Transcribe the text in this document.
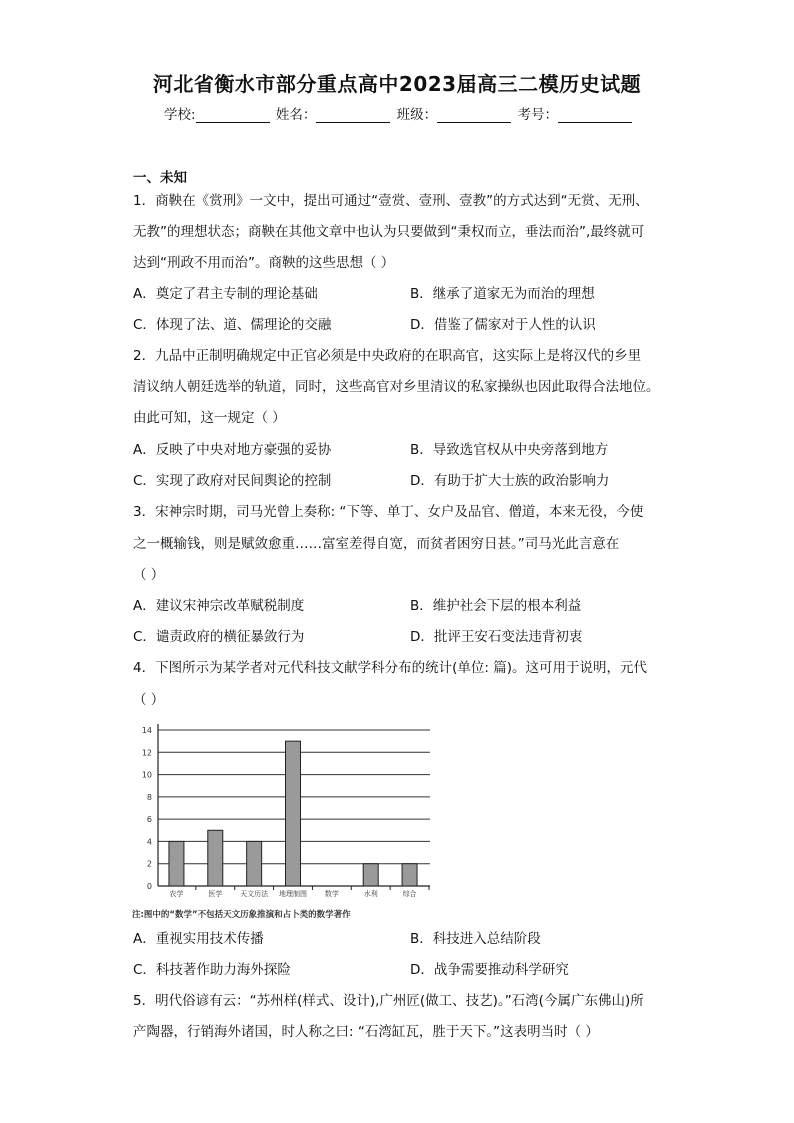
河北省衡水市部分重点高中2023届高三二模历史试题
学校:	姓名：	班级：	考号：
一、未知
1．商鞅在《赏刑》一文中，提出可通过“壹赏、壹刑、壹教”的方式达到“无赏、无刑、
无教”的理想状态；商鞅在其他文章中也认为只要做到“秉权而立，垂法而治”,最终就可
达到“刑政不用而治”。商鞅的这些思想（ ）
A．奠定了君主专制的理论基础	B．继承了道家无为而治的理想
C．体现了法、道、儒理论的交融	D．借鉴了儒家对于人性的认识
2．九品中正制明确规定中正官必须是中央政府的在职高官，这实际上是将汉代的乡里
清议纳人朝廷选举的轨道，同时，这些高官对乡里清议的私家操纵也因此取得合法地位。
由此可知，这一规定（ ）
A．反映了中央对地方豪强的妥协	B．导致选官权从中央旁落到地方
C．实现了政府对民间舆论的控制	D．有助于扩大士族的政治影响力
3．宋神宗时期，司马光曾上奏称: “下等、单丁、女户及品官、僧道，本来无役，今使
之一概输钱，则是赋敛愈重……富室差得自宽，而贫者困穷日甚。”司马光此言意在
（ ）
A．建议宋神宗改革赋税制度	B．维护社会下层的根本利益
C．谴责政府的横征暴敛行为	D．批评王安石变法违背初衷
4．下图所示为某学者对元代科技文献学科分布的统计(单位: 篇)。这可用于说明，元代
（ ）
0
2
4
6
8
10
12
14
农学	医学	天文历法 地理制图	数学	水利	综合
注:图中的“数学”不包括天文历象推演和占卜类的数学著作
A．重视实用技术传播	B．科技进入总结阶段
C．科技著作助力海外探险	D．战争需要推动科学研究
5．明代俗谚有云：“苏州样(样式、设计),广州匠(做工、技艺)。”石湾(今属广东佛山)所
产陶器，行销海外诸国，时人称之曰: “石湾缸瓦，胜于天下。”这表明当时（ ）
